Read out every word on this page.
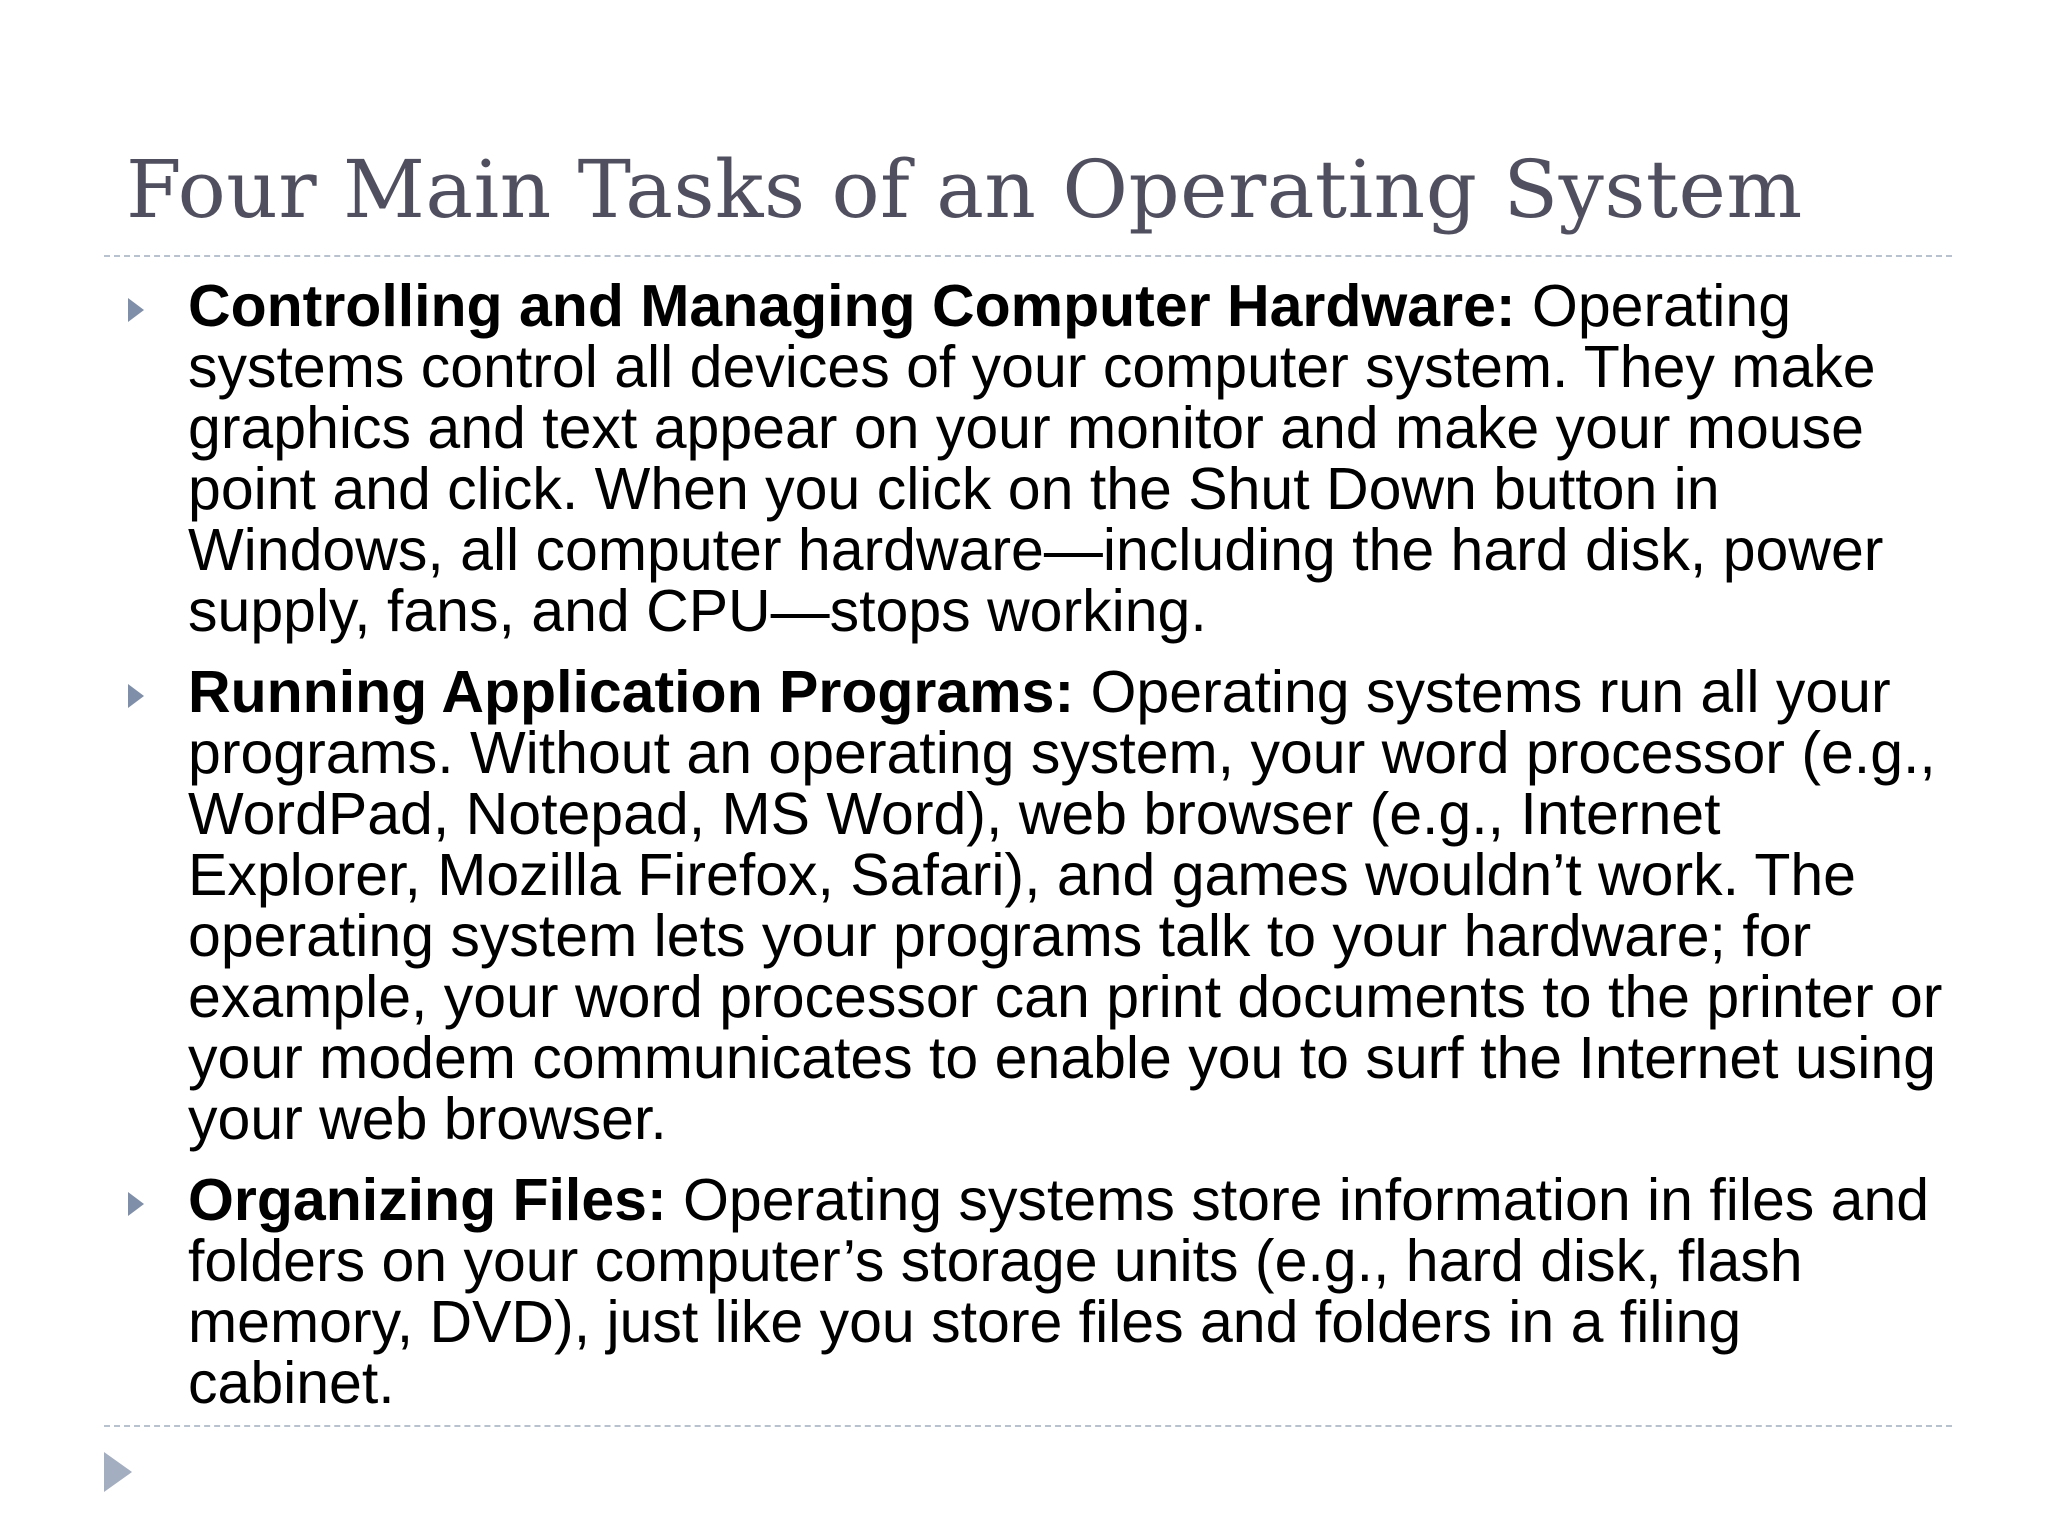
Four Main Tasks of an Operating System
Controlling and Managing Computer Hardware: Operating systems control all devices of your computer system. They make graphics and text appear on your monitor and make your mouse point and click. When you click on the Shut Down button in Windows, all computer hardware—including the hard disk, power supply, fans, and CPU—stops working.
Running Application Programs: Operating systems run all your programs. Without an operating system, your word processor (e.g., WordPad, Notepad, MS Word), web browser (e.g., Internet Explorer, Mozilla Firefox, Safari), and games wouldn’t work. The operating system lets your programs talk to your hardware; for example, your word processor can print documents to the printer or your modem communicates to enable you to surf the Internet using your web browser.
Organizing Files: Operating systems store information in files and folders on your computer’s storage units (e.g., hard disk, flash memory, DVD), just like you store files and folders in a filing cabinet.
